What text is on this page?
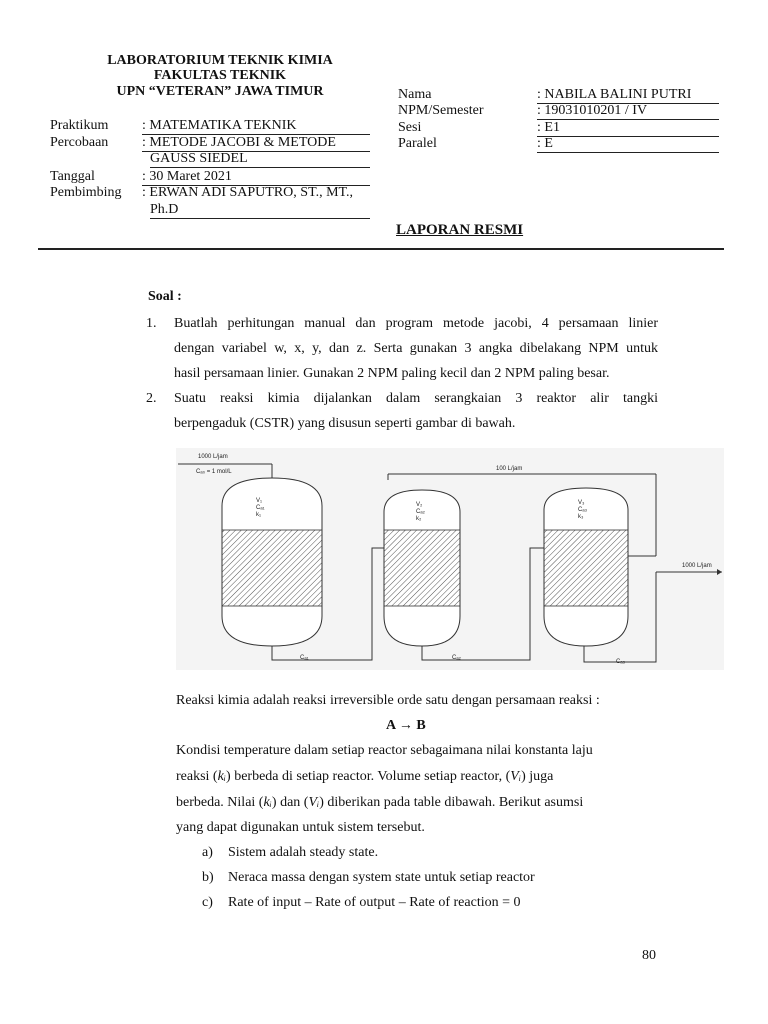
LABORATORIUM TEKNIK KIMIA
FAKULTAS TEKNIK
UPN “VETERAN” JAWA TIMUR
Praktikum : MATEMATIKA TEKNIK
Percobaan : METODE JACOBI & METODE
GAUSS SIEDEL
Tanggal	: 30 Maret 2021
Pembimbing : ERWAN ADI SAPUTRO, ST., MT.,
Ph.D
Nama	: NABILA BALINI PUTRI
NPM/Semester	: 19031010201 / IV
Sesi	: E1
Paralel	: E
LAPORAN RESMI
Soal :
1. Buatlah perhitungan manual dan program metode jacobi, 4 persamaan linier
dengan variabel w, x, y, dan z. Serta gunakan 3 angka dibelakang NPM untuk
hasil persamaan linier. Gunakan 2 NPM paling kecil dan 2 NPM paling besar.
2. Suatu reaksi kimia dijalankan dalam serangkaian 3 reaktor alir tangki
berpengaduk (CSTR) yang disusun seperti gambar di bawah.
1000 L/jam
Cₐ₀ = 1 mol/L	100 L/jam
1000 L/jam
V₁
Cₐ₁
k₁
Cₐ₁
V₂
Cₐ₂
k₂
Cₐ₂
V₃
Cₐ₃
k₃
Cₐ₃
Reaksi kimia adalah reaksi irreversible orde satu dengan persamaan reaksi :
A → B
Kondisi temperature dalam setiap reactor sebagaimana nilai konstanta laju
reaksi (kᵢ) berbeda di setiap reactor. Volume setiap reactor, (Vᵢ) juga
berbeda. Nilai (kᵢ) dan (Vᵢ) diberikan pada table dibawah. Berikut asumsi
yang dapat digunakan untuk sistem tersebut.
a) Sistem adalah steady state.
b) Neraca massa dengan system state untuk setiap reactor
c) Rate of input – Rate of output – Rate of reaction = 0
80
